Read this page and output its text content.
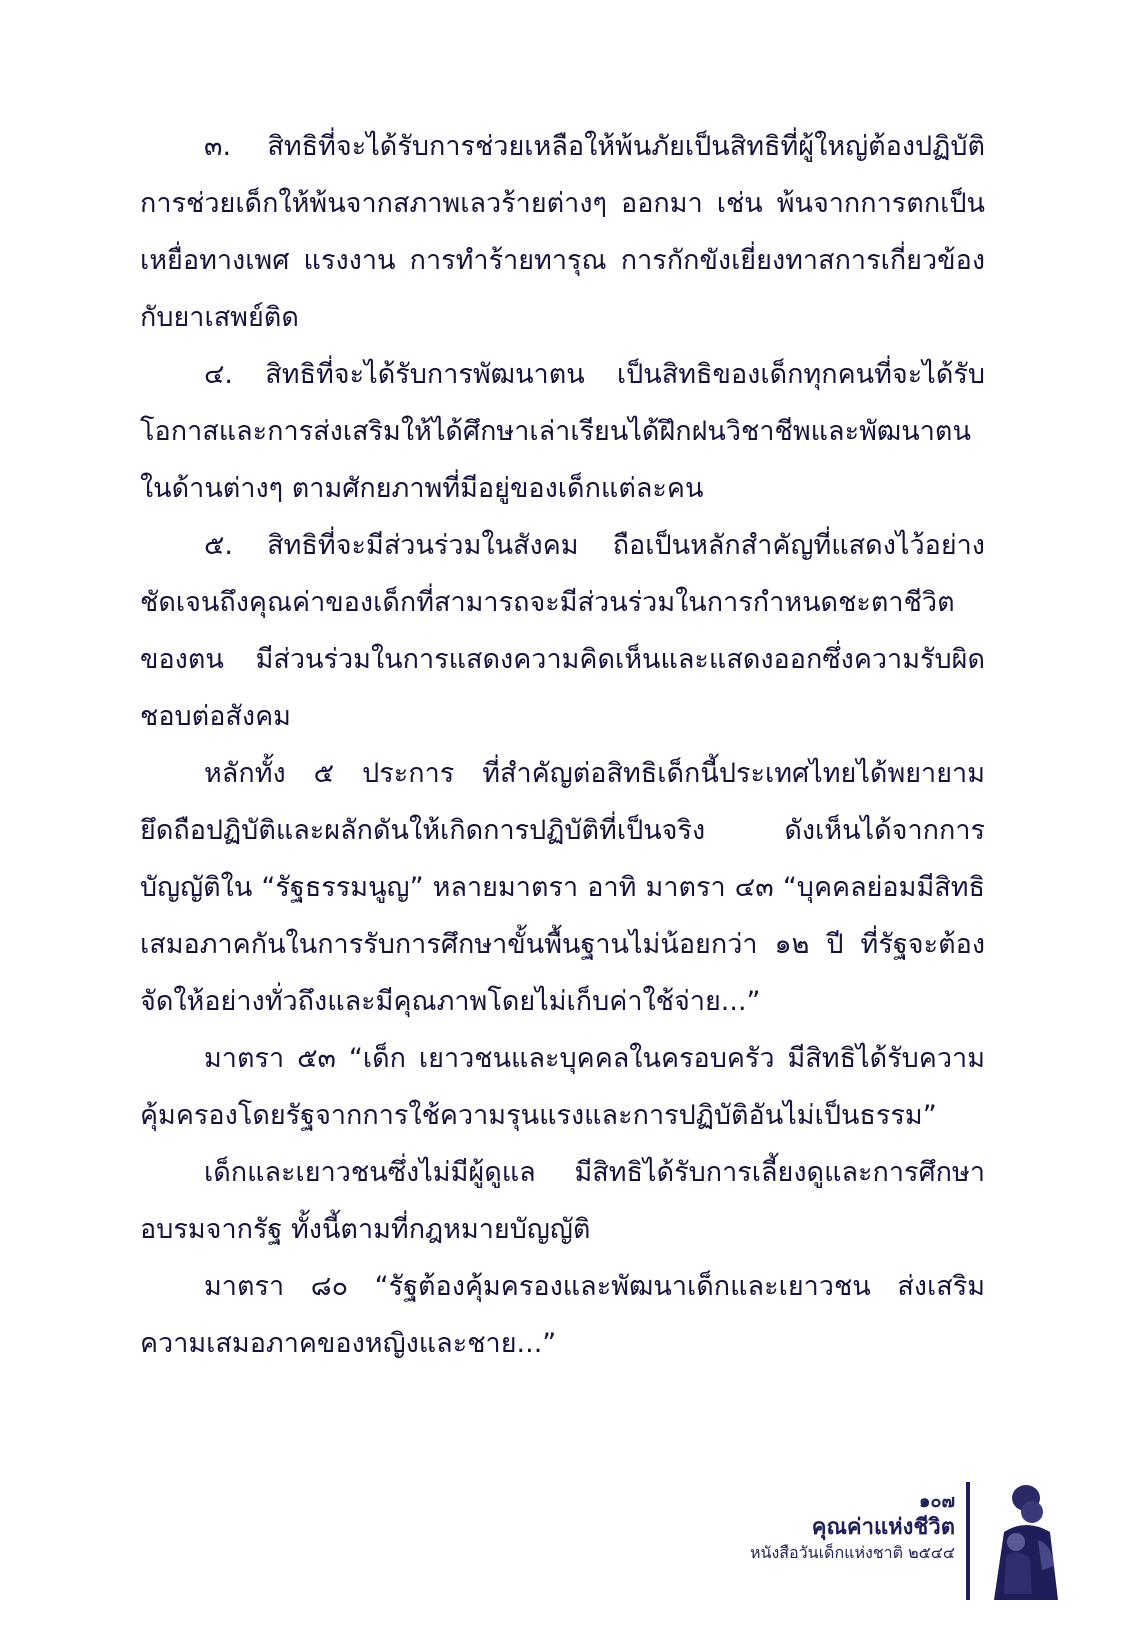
๓. สิทธิที่จะได้รับการช่วยเหลือให้พ้นภัยเป็นสิทธิที่ผู้ใหญ่ต้องปฏิบัติการช่วยเด็กให้พ้นจากสภาพเลวร้ายต่างๆ ออกมา เช่น พ้นจากการตกเป็นเหยื่อทางเพศ แรงงาน การทำร้ายทารุณ การกักขังเยี่ยงทาสการเกี่ยวข้องกับยาเสพย์ติด

๔. สิทธิที่จะได้รับการพัฒนาตน เป็นสิทธิของเด็กทุกคนที่จะได้รับโอกาสและการส่งเสริมให้ได้ศึกษาเล่าเรียนได้ฝึกฝนวิชาชีพและพัฒนาตนในด้านต่างๆ ตามศักยภาพที่มีอยู่ของเด็กแต่ละคน

๕. สิทธิที่จะมีส่วนร่วมในสังคม ถือเป็นหลักสำคัญที่แสดงไว้อย่างชัดเจนถึงคุณค่าของเด็กที่สามารถจะมีส่วนร่วมในการกำหนดชะตาชีวิตของตน มีส่วนร่วมในการแสดงความคิดเห็นและแสดงออกซึ่งความรับผิดชอบต่อสังคม

หลักทั้ง ๕ ประการ ที่สำคัญต่อสิทธิเด็กนี้ประเทศไทยได้พยายามยึดถือปฏิบัติและผลักดันให้เกิดการปฏิบัติที่เป็นจริง ดังเห็นได้จากการบัญญัติใน “รัฐธรรมนูญ” หลายมาตรา อาทิ มาตรา ๔๓ “บุคคลย่อมมีสิทธิเสมอภาคกันในการรับการศึกษาขั้นพื้นฐานไม่น้อยกว่า ๑๒ ปี ที่รัฐจะต้องจัดให้อย่างทั่วถึงและมีคุณภาพโดยไม่เก็บค่าใช้จ่าย...”

มาตรา ๕๓ “เด็ก เยาวชนและบุคคลในครอบครัว มีสิทธิได้รับความคุ้มครองโดยรัฐจากการใช้ความรุนแรงและการปฏิบัติอันไม่เป็นธรรม”

เด็กและเยาวชนซึ่งไม่มีผู้ดูแล มีสิทธิได้รับการเลี้ยงดูและการศึกษาอบรมจากรัฐ ทั้งนี้ตามที่กฎหมายบัญญัติ

มาตรา ๘๐ “รัฐต้องคุ้มครองและพัฒนาเด็กและเยาวชน ส่งเสริมความเสมอภาคของหญิงและชาย...”

๑๐๗
คุณค่าแห่งชีวิต
หนังสือวันเด็กแห่งชาติ ๒๕๔๔
